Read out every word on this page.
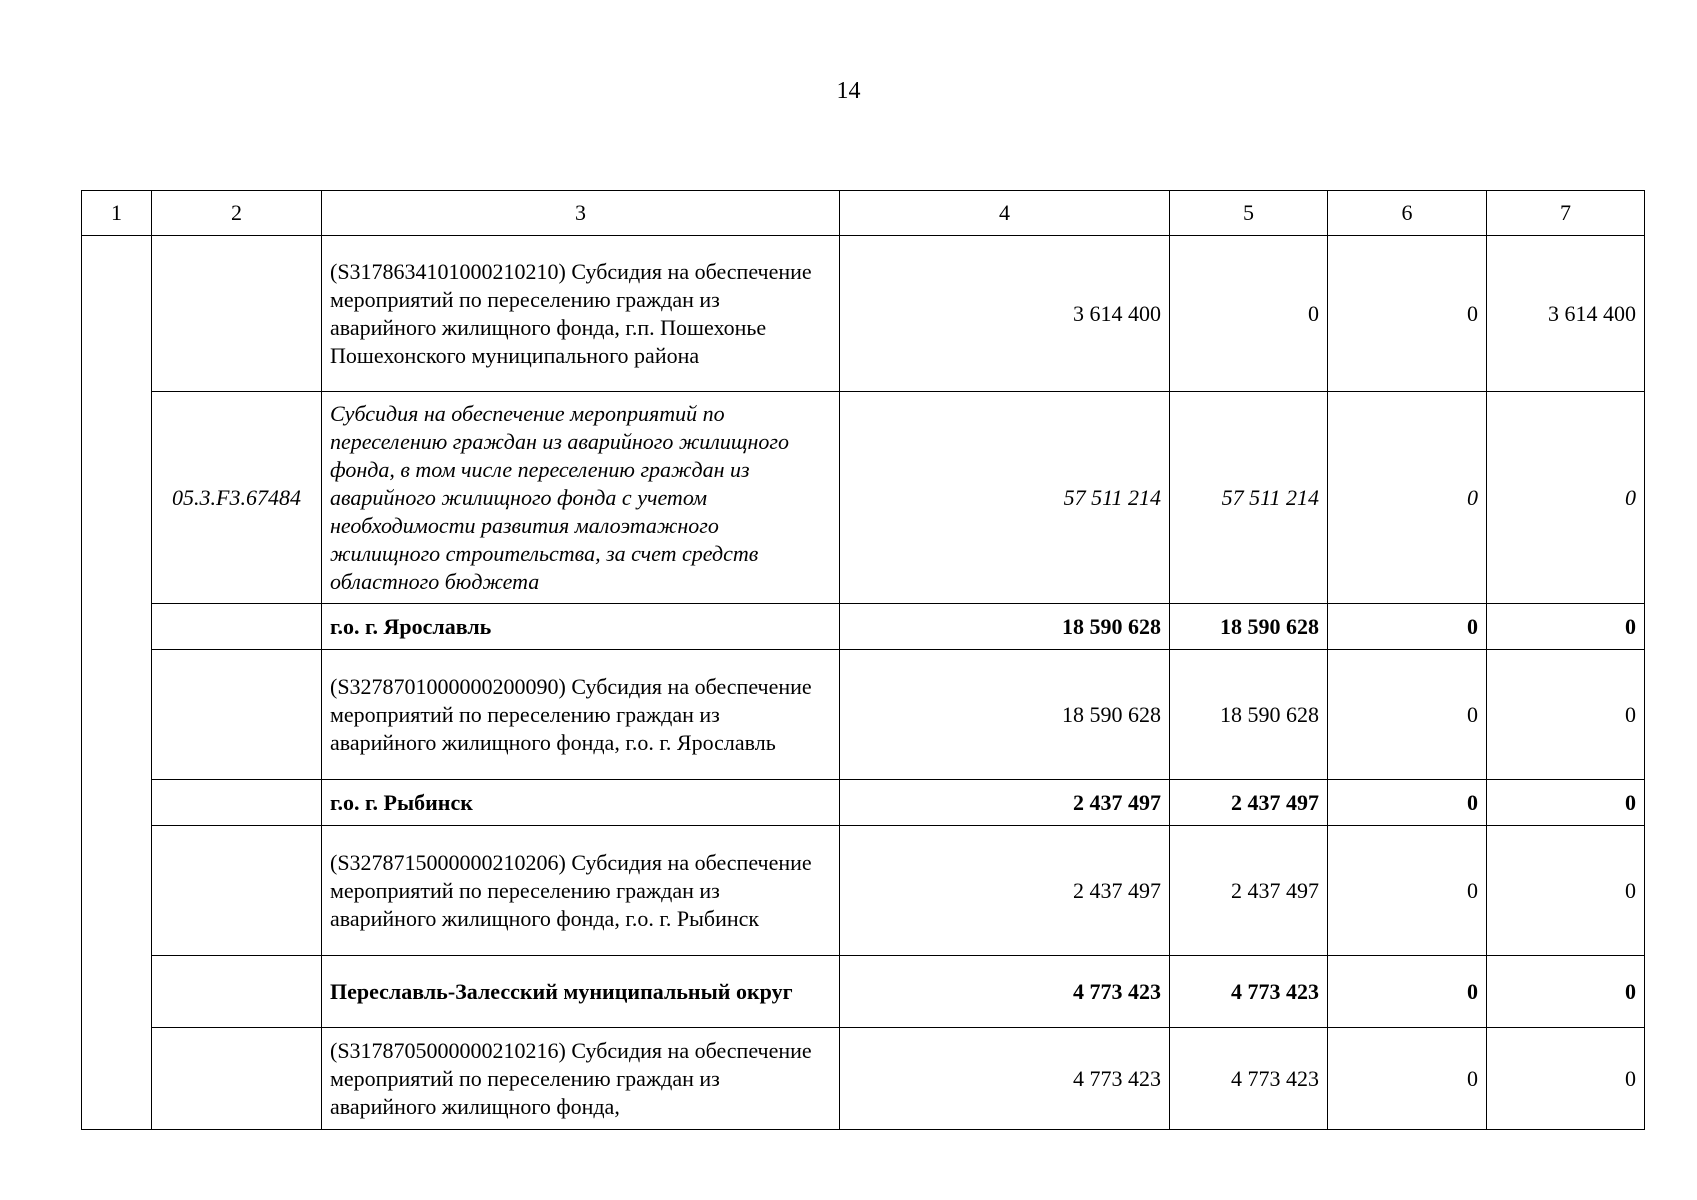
14
1	2	3	4	5	6	7
		(S3178634101000210210) Субсидия на обеспечение мероприятий по переселению граждан из аварийного жилищного фонда, г.п. Пошехонье Пошехонского муниципального района	3 614 400	0	0	3 614 400
	05.3.F3.67484	Субсидия на обеспечение мероприятий по переселению граждан из аварийного жилищного фонда, в том числе переселению граждан из аварийного жилищного фонда с учетом необходимости развития малоэтажного жилищного строительства, за счет средств областного бюджета	57 511 214	57 511 214	0	0
		г.о. г. Ярославль	18 590 628	18 590 628	0	0
		(S3278701000000200090) Субсидия на обеспечение мероприятий по переселению граждан из аварийного жилищного фонда, г.о. г. Ярославль	18 590 628	18 590 628	0	0
		г.о. г. Рыбинск	2 437 497	2 437 497	0	0
		(S3278715000000210206) Субсидия на обеспечение мероприятий по переселению граждан из аварийного жилищного фонда, г.о. г. Рыбинск	2 437 497	2 437 497	0	0
		Переславль-Залесский муниципальный округ	4 773 423	4 773 423	0	0
		(S3178705000000210216) Субсидия на обеспечение мероприятий по переселению граждан из аварийного жилищного фонда,	4 773 423	4 773 423	0	0
